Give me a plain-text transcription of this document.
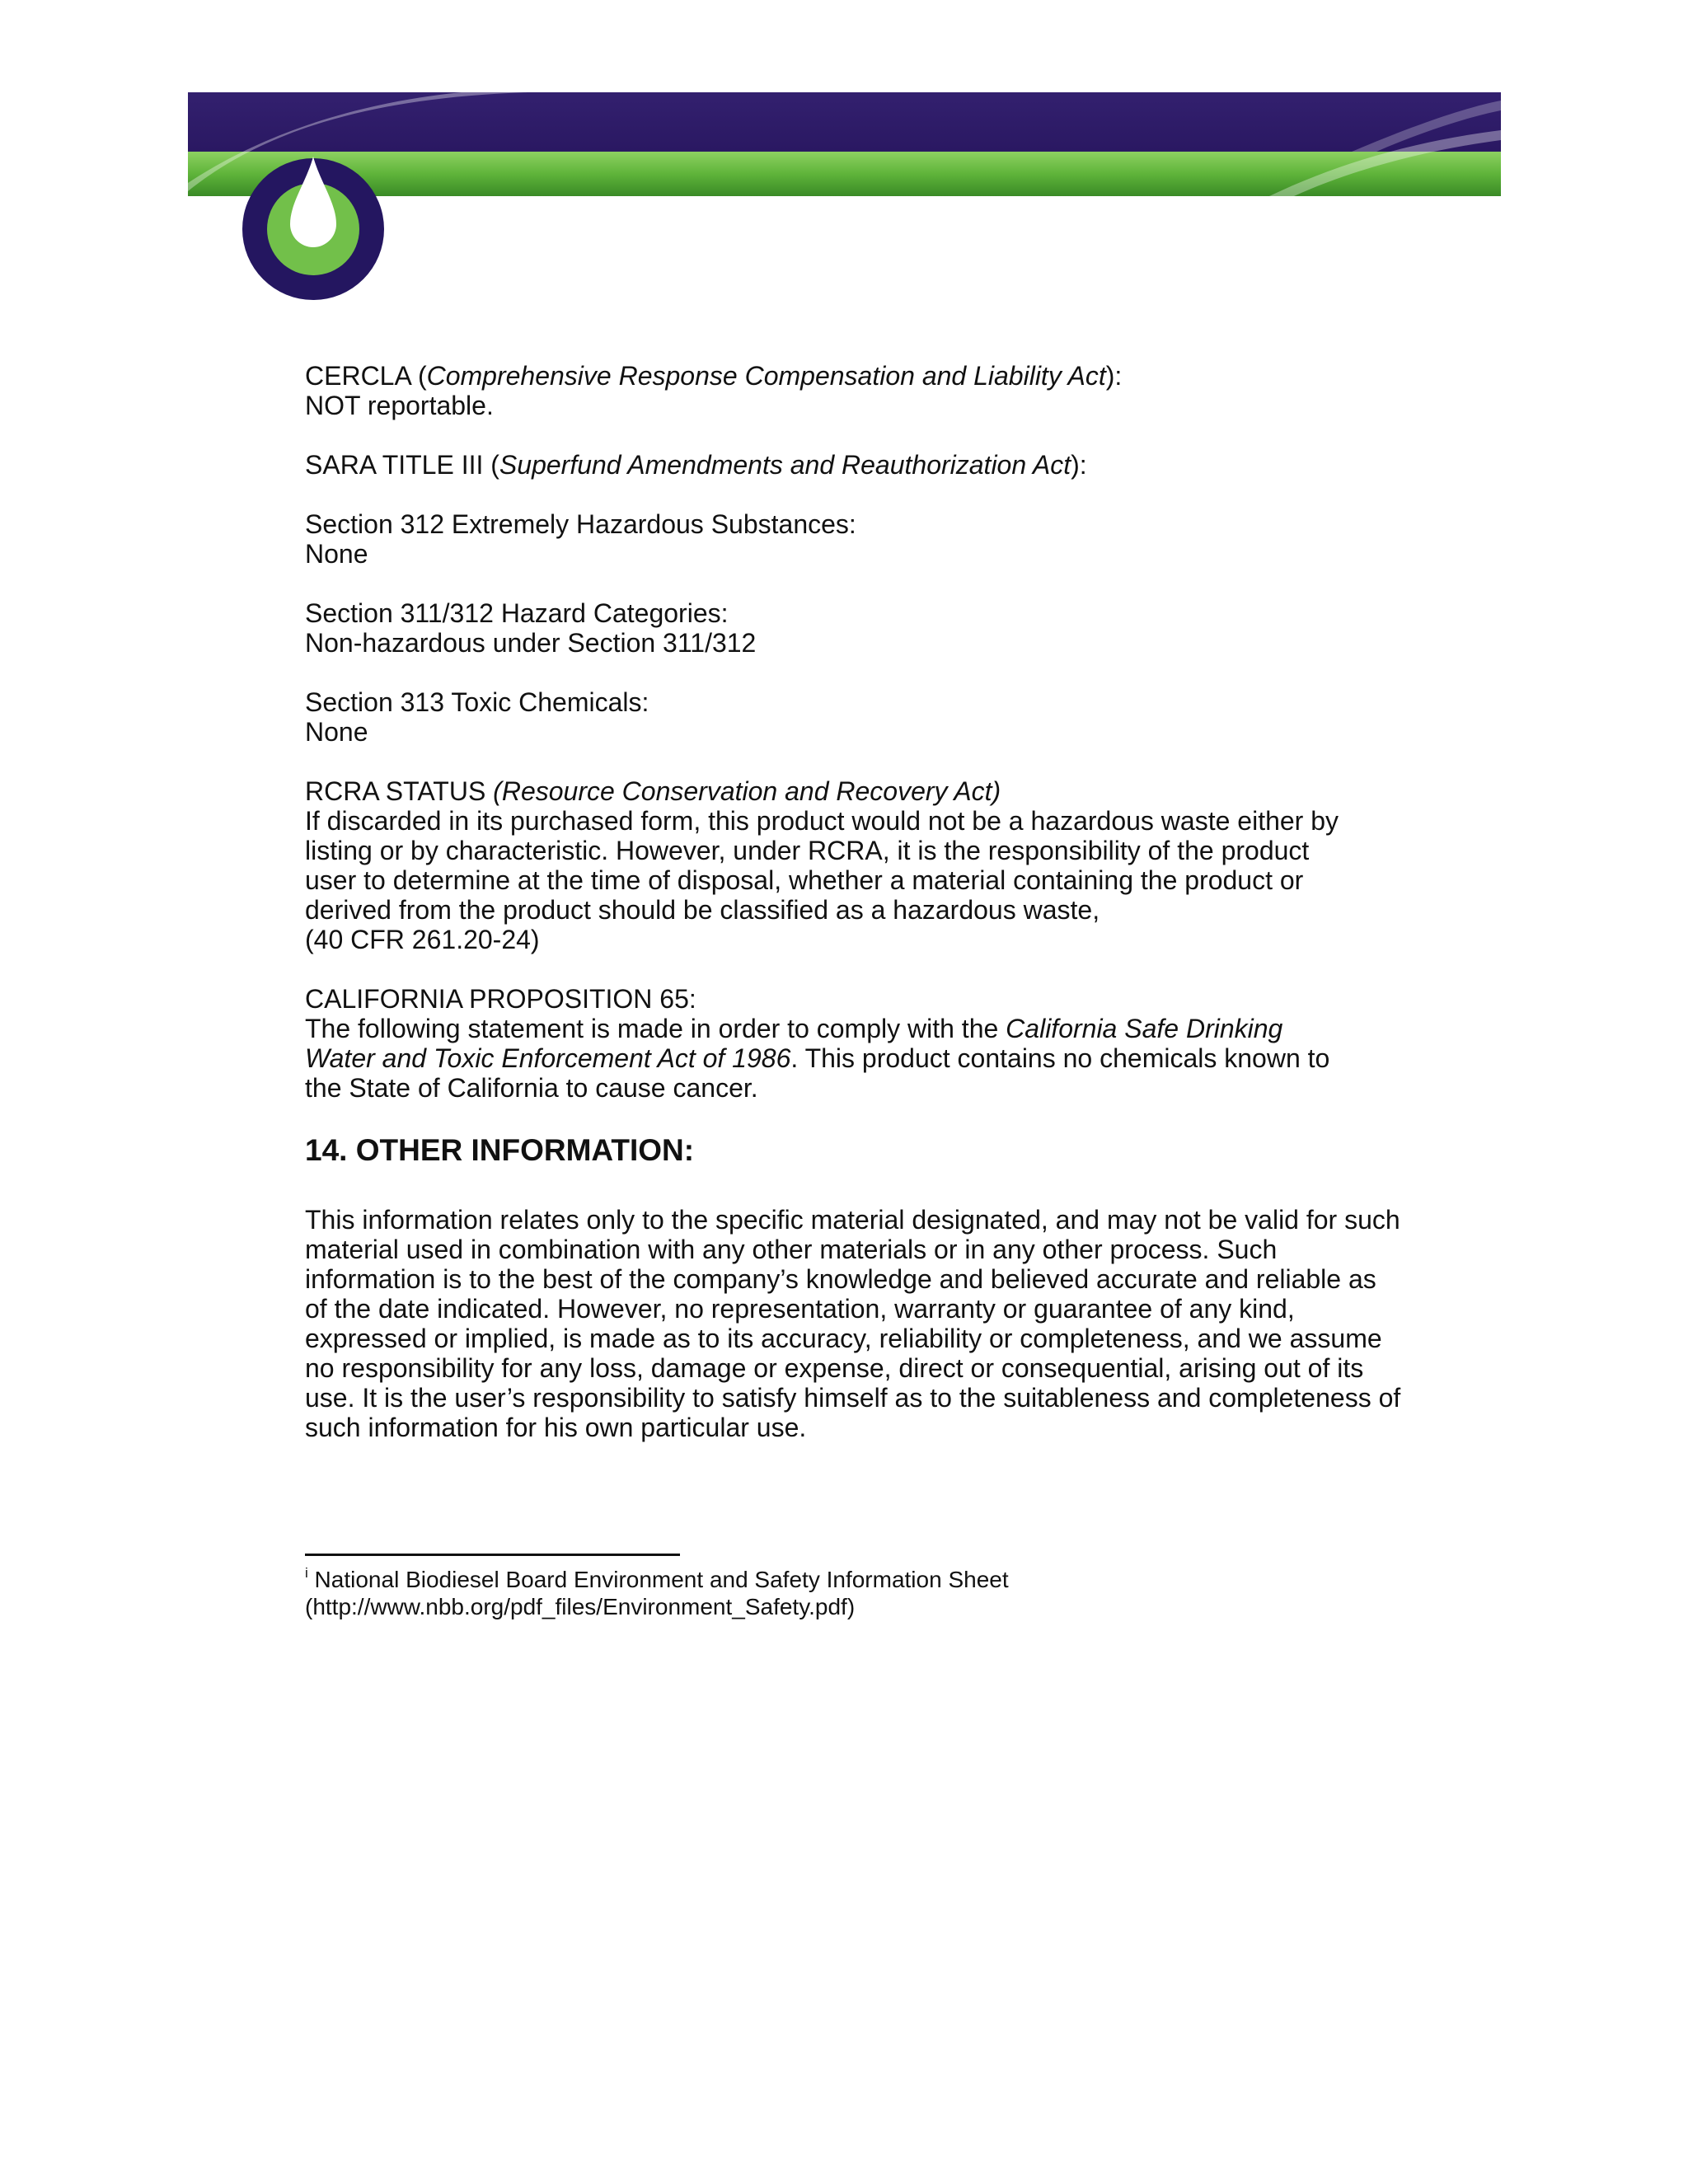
CERCLA (Comprehensive Response Compensation and Liability Act):

NOT reportable.

SARA TITLE III (Superfund Amendments and Reauthorization Act):

Section 312 Extremely Hazardous Substances:

None

Section 311/312 Hazard Categories:

Non-hazardous under Section 311/312

Section 313 Toxic Chemicals:

None

RCRA STATUS (Resource Conservation and Recovery Act)

If discarded in its purchased form, this product would not be a hazardous waste either by

listing or by characteristic. However, under RCRA, it is the responsibility of the product

user to determine at the time of disposal, whether a material containing the product or

derived from the product should be classified as a hazardous waste,

(40 CFR 261.20-24)

CALIFORNIA PROPOSITION 65:

The following statement is made in order to comply with the California Safe Drinking

Water and Toxic Enforcement Act of 1986. This product contains no chemicals known to

the State of California to cause cancer.

14. OTHER INFORMATION:

This information relates only to the specific material designated, and may not be valid for such

material used in combination with any other materials or in any other process. Such

information is to the best of the company’s knowledge and believed accurate and reliable as

of the date indicated. However, no representation, warranty or guarantee of any kind,

expressed or implied, is made as to its accuracy, reliability or completeness, and we assume

no responsibility for any loss, damage or expense, direct or consequential, arising out of its

use. It is the user’s responsibility to satisfy himself as to the suitableness and completeness of

such information for his own particular use.

$^i$ National Biodiesel Board Environment and Safety Information Sheet

(http://www.nbb.org/pdf_files/Environment_Safety.pdf)
